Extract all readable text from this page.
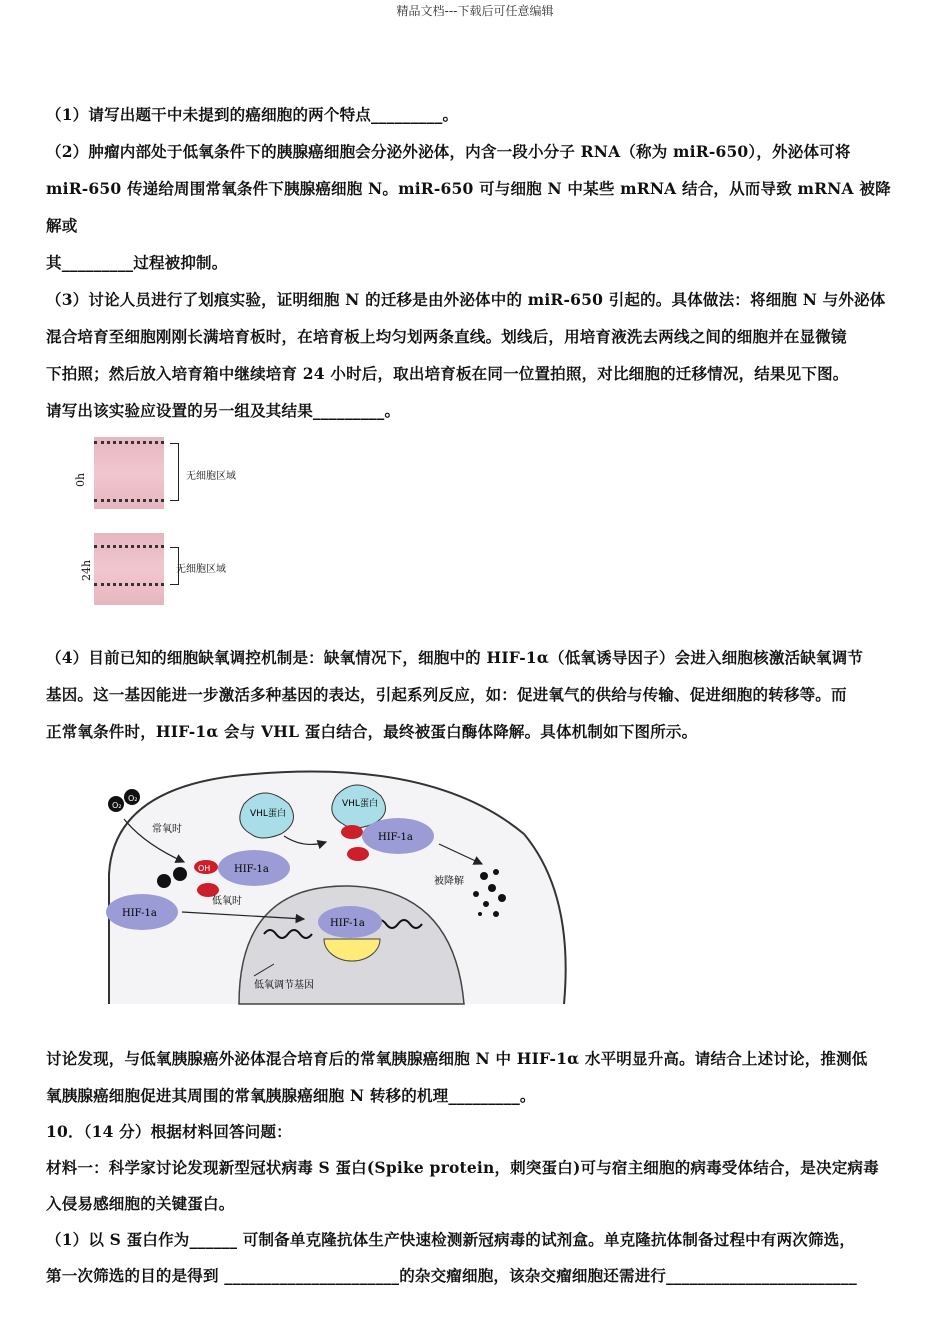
精品文档---下载后可任意编辑

（1）请写出题干中未提到的癌细胞的两个特点_________。

（2）肿瘤内部处于低氧条件下的胰腺癌细胞会分泌外泌体，内含一段小分子 RNA（称为 miR-650），外泌体可将

miR-650 传递给周围常氧条件下胰腺癌细胞 N。miR-650 可与细胞 N 中某些 mRNA 结合，从而导致 mRNA 被降解或

其_________过程被抑制。

（3）讨论人员进行了划痕实验，证明细胞 N 的迁移是由外泌体中的 miR-650 引起的。具体做法：将细胞 N 与外泌体

混合培育至细胞刚刚长满培育板时，在培育板上均匀划两条直线。划线后，用培育液洗去两线之间的细胞并在显微镜

下拍照；然后放入培育箱中继续培育 24 小时后，取出培育板在同一位置拍照，对比细胞的迁移情况，结果见下图。

请写出该实验应设置的另一组及其结果_________。

无细胞区域
0h
无细胞区域
24h

（4）目前已知的细胞缺氧调控机制是：缺氧情况下，细胞中的 HIF-1α（低氧诱导因子）会进入细胞核激活缺氧调节

基因。这一基因能进一步激活多种基因的表达，引起系列反应，如：促进氧气的供给与传输、促进细胞的转移等。而

正常氧条件时，HIF-1α 会与 VHL 蛋白结合，最终被蛋白酶体降解。具体机制如下图所示。

O₂
O₂
常氧时
OH HIF-1a
HIF-1a
低氧时
VHL蛋白
VHL蛋白
HIF-1a
被降解
HIF-1a
低氧调节基因

讨论发现，与低氧胰腺癌外泌体混合培育后的常氧胰腺癌细胞 N 中 HIF-1α 水平明显升高。请结合上述讨论，推测低

氧胰腺癌细胞促进其周围的常氧胰腺癌细胞 N 转移的机理_________。

10．（14 分）根据材料回答问题：

材料一：科学家讨论发现新型冠状病毒 S 蛋白(Spike protein，刺突蛋白)可与宿主细胞的病毒受体结合，是决定病毒

入侵易感细胞的关键蛋白。

（1）以 S 蛋白作为______ 可制备单克隆抗体生产快速检测新冠病毒的试剂盒。单克隆抗体制备过程中有两次筛选，

第一次筛选的目的是得到 ______________________的杂交瘤细胞，该杂交瘤细胞还需进行________________________
